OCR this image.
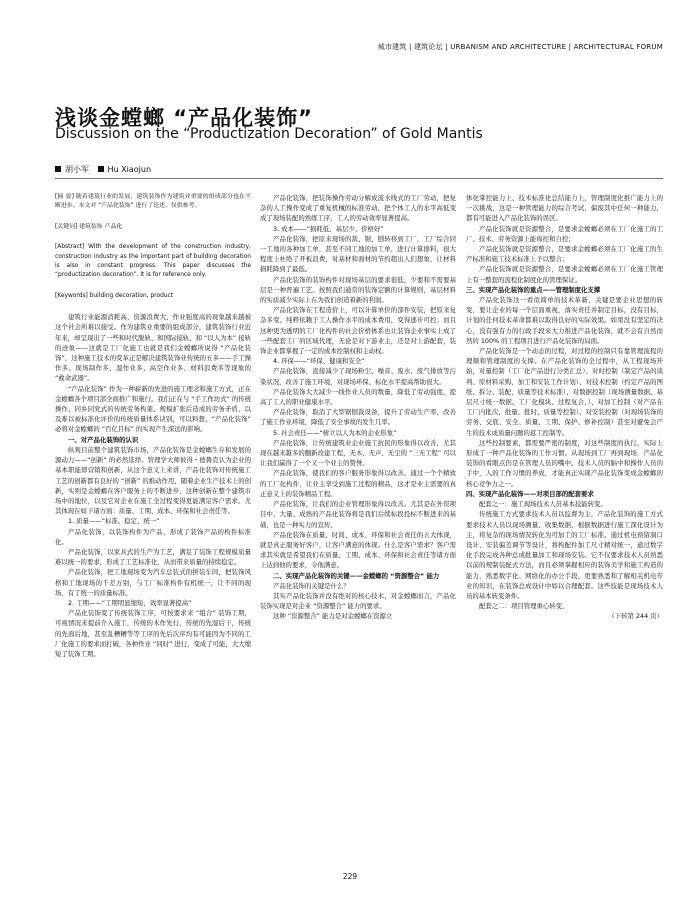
城市建筑 | 建筑论坛 | URBANISM AND ARCHITECTURE | ARCHITECTURAL FORUM
浅谈金螳螂 “产品化装饰”
Discussion on the “Productization Decoration” of Gold Mantis
胡小军 Hu Xiaojun

[摘 要] 随着建筑行业的发展，建筑装饰作为建筑业重要的组成部分也在不断进步。本文对 “产品化装饰” 进行了论述，仅供参考。

[关键词] 建筑装饰 产品化

[Abstract] With the development of the construction industry, construction industry as the important part of building decoration is also in constant progress. This paper discusses the “productization decoration”. It is for reference only.

[Keywords] building decoration, product

建筑行业能源消耗高、资源浪费大、作业强度高的现象越来越被这个社会所难以接受。作为建筑业重要的组成部分，建筑装饰行业近年来，却呈现出了一些和时代脱轨、和国际接轨、和 “以人为本” 接轨的迹象——这就是工厂化施工也就是我们金螳螂所说得 “产品化装饰”，这种施工技术的变革正是解决建筑装饰业传统的五多——手工操作多、现场制作多、湿作业多、高空作业多、材料浪费多等现象的 “救命武器”。

“产品化装饰” 作为一种崭新的先进的施工理念和施工方式，正在金螳螂各个项目部全面推广和施行。我们正在与 “手工作坊式” 的传统操作、同乡同党式的传统劳务构架、规模扩张后造成的劳务矛盾，以及难以被标准化评价的传统质量体系诀别，可以料想，“产品化装饰” 必将对金螳螂的 “百亿目标” 的实现产生深远的影响。

一、对产品化装饰的认识

纵观目前整个建筑装饰市场，产品化装饰是金螳螂生存和发展的源动力——“创新” 的必然选择。管理学大师彼得・德鲁克认为企业的基本职能即营销和创新，从这个意义上来讲，产品化装饰对传统施工工艺的创新都有良好的 “创新” 的推动作用，随着企业生产技术上的创新，实则是金螳螂在客户服务上的不断进步，这种创新在整个建筑市场中的地位，以及它对企业在施工全过程变得更能满足客户需求。尤其体现在如下诸方面：质量、工期、成本、环保和社会责任等。

1. 质量——“标准、稳定、统一”

产品化装饰，以装饰构件为产品，形成了装饰产品的构件标准化。

产品化装饰，以家具式的生产为工艺，满足了装饰工程规模质量难以统一的要求，形成了工艺标准化，从而带来质量的持续稳定。

产品化装饰，把工地现场变为汽车总装式的拼装车间，把装饰风格和工地现场的千差万别，与工厂标准构件有机统一，让不同的现场，有了统一的质量标准。

2. 工期——“工期明显缩短，效率显著提高”

产品化装饰变了传统装饰工序，可按要求来 “组合” 装饰工期，可视情况来提前介入施工，传统的木作先行，传统的先湿后干，传统的先面后地，甚至乱糟糟等等工序的先后次序均有可能因为不同的工厂化施工的要求而打破，各种作业 “同时” 进行，变成了可能，大大缩短了装饰工期。

产品化装饰，把装饰操作劳动分解成流水线式的工厂劳动，把复杂的人工操作变成了重复机械的标准劳动，把个体工人的水平高低变成了现场装配的熟练工序，工人的劳动效率显著提高。

3. 成本——“损耗低、基层少、价格好”

产品化装饰，把原来现场的裁、锯、刨转移到工厂，工厂综合同一工地的各种加工单，甚至不同工地的加工单，进行计算排料，很大程度上杜绝了开板浪费，对基材和面材的节约超出人们想象，让材料损耗降到了最低。

产品化装饰的装饰构件对现场基层的要求很低，少要和不需要基层是一种普遍工艺。按照我们通常的装饰定额的计算规则，基层材料的实质减少实际上在为我们创造着新的利润。

产品化装饰在工程造价上，可以计算单价的部件安装，把原来复杂多变、纯粹依赖于工人操作水平的成本费用，变得逐步可控；而且这种更为透明的工厂化构件的社会价格体系也让装饰企业事实上成了一些配套工厂的区域代理，无论是对下游业主，还是对上游配套，装饰企业都掌握了一定的成本控制权和主动权。

4. 环保——“环保、健康和安全”

产品化装饰，直接减少了现场粉尘、噪音、废水、废气排放等污染状况，改善了施工环境，对现场环保、标化水平提高帮助很大。

产品化装饰大大减少一线作业人员的数量，降低了劳动强度，提高了工人的职业健康水平。

产品化装饰，取消了大型锯刨裁设备，提升了劳动生产率，改善了施工作业环境，降低了安全事故的发生几率。

5. 社会责任——“树立以人为本的企业形象”

产品化装饰，让传统建筑业企业施工抗民的形象得以改善，尤其现在越来越多的翻新改建工程，无木、无声、无尘的 “三无工程” 可以让我们赢得了一个又一个业主的赞誉。

产品化装饰，使我们的客户服务形象得以改善。通过一个个精致的工厂化构件，让业主享受到施工过程的精品，这才是业主需要的真正意义上的装饰精品工程。

产品化装饰，让我们的企业管理形象得以改善。尤其是在外资项目中，大量、成熟的产品化装饰将是我们后续标段投标不断进来的基础，也是一种实力的宣传。

产品化装饰在质量、时间、成本、环保和社会责任的五大体现，就是真正服务好客户，让客户满意的体现。什么是客户需求？客户需求其实就是希望我们在质量、工期、成本、环保和社会责任等诸方面上达到他的要求，令他满意。

二、实现产品化装饰的关键——金螳螂的 “资源整合” 能力

产品化装饰的关键是什么？

其实产品化装饰并没有绝对的核心技术，对金螳螂而言，产品化装饰实现是对企业 “资源整合” 能力的要求。

这种 “资源整合” 能力是对金螳螂在资源立

体化掌控能力上、技术标准化总结能力上、管理制度化推广能力上的一次挑战，这是一种管理能力的综合考试，偏废其中任何一种能力，都有可能进入产品化装饰的误区。

产品化装饰就是资源整合，是要求金螳螂必须在工厂化施工的工厂、技术、劳务资源上能佈控和自控；

产品化装饰就是资源整合，是要求金螳螂必须在工厂化施工的生产标准和施工技术标准上予以整合；

产品化装饰就是资源整合，是要求金螳螂必须在工厂化施工管理上有一整套的流程化制度化的管理保证。

三、实现产品化装饰的重点——管理制度化支撑

产品化装饰这一看似简单的技术革新，关键是要企业思想的转变，要让企业的每一个层面重视，落实责任并制定目标，没有目标，计划的任何技术革命都难以取得良好的实际效果。如果没有坚定的决心，没有强有力的行政手段来大力推进产品化装饰，就不会有自然而然的 100% 的工程项目进行产品化装饰的局面。

产品化装饰是一个动态的过程，对过程的控制只有靠管理流程的理顺和管理制度的支撑。在产品化装饰的全过程中，从工程现场开始，对量控制（工厂化产品进行分类汇总）、对时控制（制定产品的谈判、原材料采购、加工和安装工作计划）、对技术控制（约定产品的图纸、拆分、装配，质量等技术标准）、对数据控制（现场测量数据、基层尺寸统一数据、工厂化模块、过程复合、）、对加工控制（对产品在工厂内批次、批量、批时、质量等控制）、对安装控制（对现场装饰的劳务、交底、安全、质量、工期、保护、修补控制）甚至对避免会产生的技术成质量问题的返工控制等。

这些控制要素，都需要严密的制度，对这些制度的执行，实际上形成了一种产品化装饰的工作习惯。从现场到工厂再到现场，产品化装饰的看眼点仍是在管理人员的嘴中、技术人员的脑中和操作人员的手中，人的工作习惯的养成，才能真正实现产品化装饰变成金螳螂的核心竞争力之一。

四、实现产品化装饰——对项目部的配套要求

配套之一：施工现场技术人员基本技能转变。

传统施工方式要求技术人员以监督为主，产品化装饰的施工方式要求技术人员以现场测量、收集数据，根据数据进行施工深化设计为主，将复杂的现场情况转化为可加工的工厂标准。通过机电预留洞口设计、安装偏差调节等设计，将构配件加工尺寸精对统一，通过数字化手段完成各种总成批量加工和现场安装。它不仅要求技术人员熟悉以前的规制装配式方法，而且必须掌握相应的装饰美学和施工构造的能力，熟悉数字化、网络化的办公手段，更要熟悉和了解相关机电专业的知识，在装饰总成设计中如以合理配套。这些技能是现场技术人员的基本转变条件。

配套之二：项目管理重心转变，

（下转第 244 页）

229
